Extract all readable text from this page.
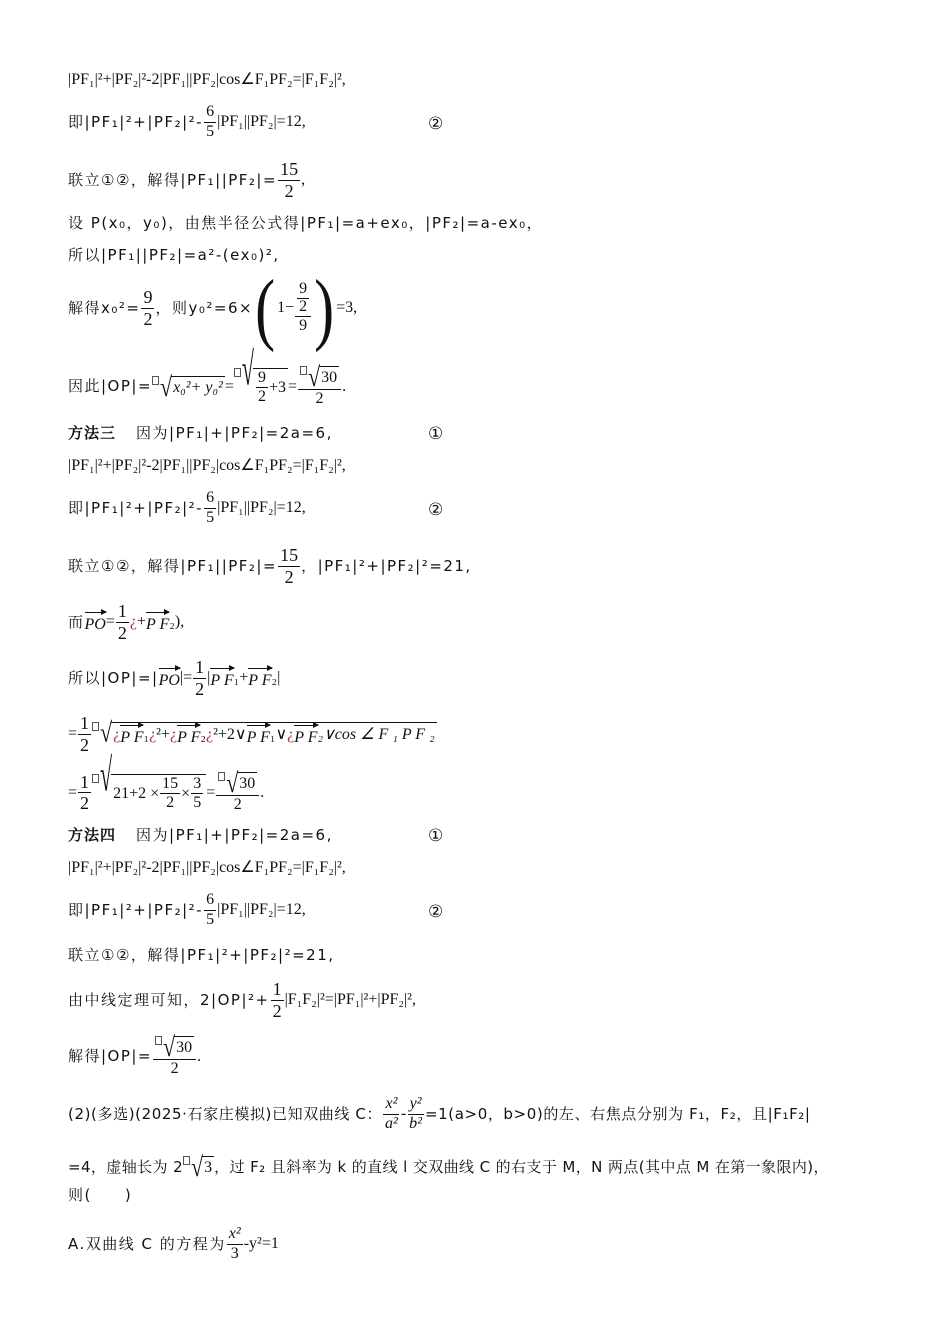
|PF₁|²+|PF₂|²-2|PF₁||PF₂|cos∠F₁PF₂=|F₁F₂|²,
即$|PF_1|^2+|PF_2|^2- \frac{6}{5} |PF_1||PF_2|=12$,	②
联立①②，解得$|PF_1||PF_2|= \frac{15}{2}$ ,
设 P(x₀，y₀)，由焦半径公式得|PF₁|=a+ex₀，|PF₂|=a-ex₀，
所以|PF₁||PF₂|=a²-(ex₀)²,
解得$x_0^2= \frac{9}{2}$ ，则y₀²=6× ( $1- \frac{\frac{9}{2}}{9}$ ) =3,
因此|OP|= √ x₀²+ y₀² = √ $\frac{9}{2} +3 = \frac{√ 30}{2}$ .
方法三 因为|PF₁|+|PF₂|=2a=6,	①
|PF₁|²+|PF₂|²-2|PF₁||PF₂|cos∠F₁PF₂=|F₁F₂|²,
即$|PF_1|^2+|PF_2|^2- \frac{6}{5} |PF_1||PF_2|=12$,	②
联立①②，解得$|PF_1||PF_2|= \frac{15}{2}$ ，|PF₁|²+|PF₂|²=21,
而 PO = $\frac{1}{2}$ ¿ + P F ₂),
所以|OP|=| PO |= $\frac{1}{2}$ | P F ₁+ P F ₂|
= $\frac{1}{2}$ √ ¿ P F ₁ ¿ ²+ ¿ P F ₂ ¿ ²+2∨ P F ₁∨ ¿ P F ₂∨cos ∠ F ₁ P F ₂
= $\frac{1}{2}$ √ $21+2 \times \frac{15}{2} \times \frac{3}{5} = \frac{√ 30}{2}$ .
方法四 因为|PF₁|+|PF₂|=2a=6,	①
|PF₁|²+|PF₂|²-2|PF₁||PF₂|cos∠F₁PF₂=|F₁F₂|²,
即$|PF_1|^2+|PF_2|^2- \frac{6}{5} |PF_1||PF_2|=12$,	②
联立①②，解得|PF₁|²+|PF₂|²=21,
由中线定理可知，$2|OP|^2+ \frac{1}{2} |F_1F_2|^2=|PF_1|^2+|PF_2|^2$,
解得$|OP|= \frac{√ 30}{2}$ .
(2)(多选)(2025·石家庄模拟)已知双曲线 C： $\frac{\text{x²}}{\text{a²}} - \frac{\text{y²}}{\text{b²}} =1(a>0$，b>0)的左、右焦点分别为 F₁，F₂，且|F₁F₂|
=4，虚轴长为 2 √ 3 ，过 F₂ 且斜率为 k 的直线 l 交双曲线 C 的右支于 M，N 两点(其中点 M 在第一象限内)，
则(　　)
A.双曲线 C 的方程为 $\frac{\text{x²}}{3} -y^2=1$
